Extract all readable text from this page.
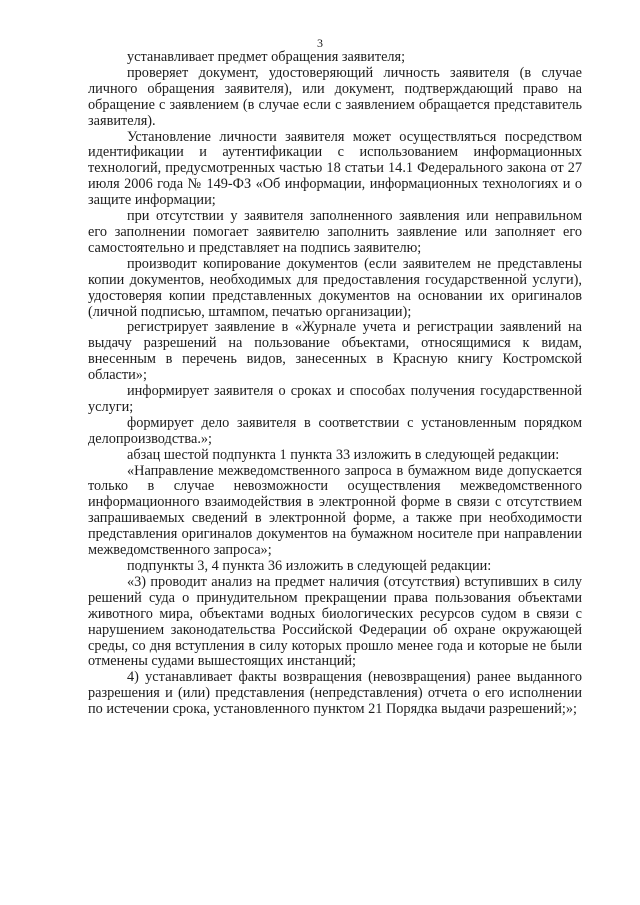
3

устанавливает предмет обращения заявителя;

проверяет документ, удостоверяющий личность заявителя (в случае личного обращения заявителя), или документ, подтверждающий право на обращение с заявлением (в случае если с заявлением обращается представитель заявителя).

Установление личности заявителя может осуществляться посредством идентификации и аутентификации с использованием информационных технологий, предусмотренных частью 18 статьи 14.1 Федерального закона от 27 июля 2006 года № 149-ФЗ «Об информации, информационных технологиях и о защите информации;

при отсутствии у заявителя заполненного заявления или неправильном его заполнении помогает заявителю заполнить заявление или заполняет его самостоятельно и представляет на подпись заявителю;

производит копирование документов (если заявителем не представлены копии документов, необходимых для предоставления государственной услуги), удостоверяя копии представленных документов на основании их оригиналов (личной подписью, штампом, печатью организации);

регистрирует заявление в «Журнале учета и регистрации заявлений на выдачу разрешений на пользование объектами, относящимися к видам, внесенным в перечень видов, занесенных в Красную книгу Костромской области»;

информирует заявителя о сроках и способах получения государственной услуги;

формирует дело заявителя в соответствии с установленным порядком делопроизводства.»;

абзац шестой подпункта 1 пункта 33 изложить в следующей редакции:

«Направление межведомственного запроса в бумажном виде допускается только в случае невозможности осуществления межведомственного информационного взаимодействия в электронной форме в связи с отсутствием запрашиваемых сведений в электронной форме, а также при необходимости представления оригиналов документов на бумажном носителе при направлении межведомственного запроса»;

подпункты 3, 4 пункта 36 изложить в следующей редакции:

«3) проводит анализ на предмет наличия (отсутствия) вступивших в силу решений суда о принудительном прекращении права пользования объектами животного мира, объектами водных биологических ресурсов судом в связи с нарушением законодательства Российской Федерации об охране окружающей среды, со дня вступления в силу которых прошло менее года и которые не были отменены судами вышестоящих инстанций;

4) устанавливает факты возвращения (невозвращения) ранее выданного разрешения и (или) представления (непредставления) отчета о его исполнении по истечении срока, установленного пунктом 21 Порядка выдачи разрешений;»;
